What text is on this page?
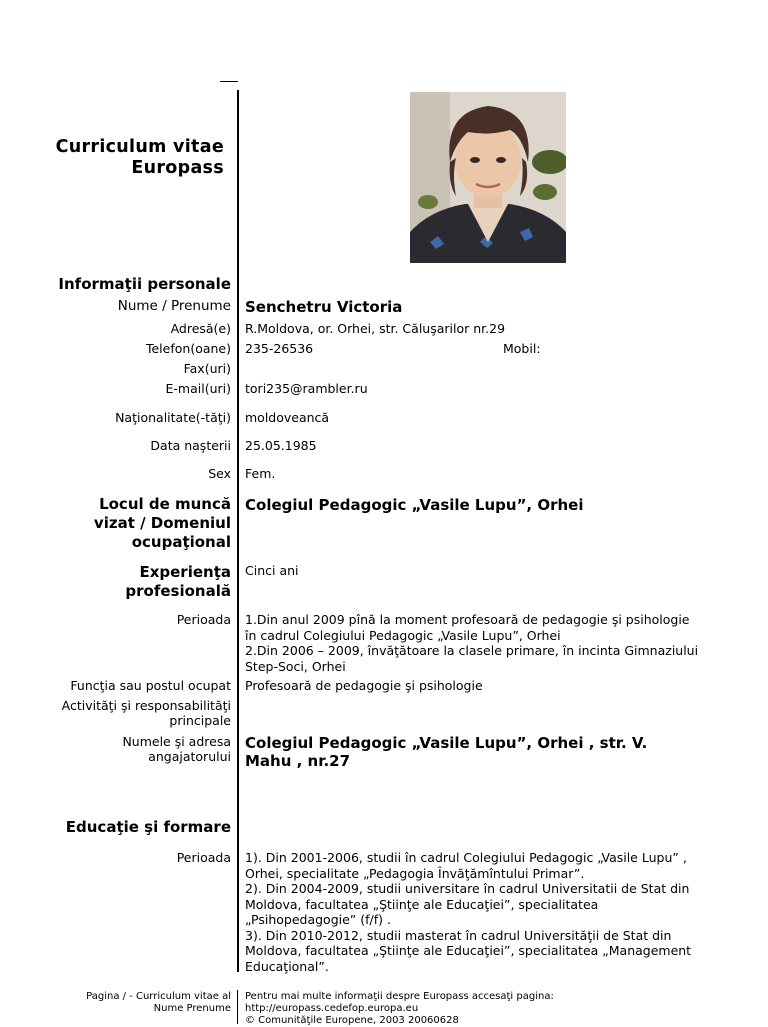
Curriculum vitae
Europass
Informaţii personale
Nume / Prenume Senchetru Victoria
Adresă(e) R.Moldova, or. Orhei, str. Căluşarilor nr.29
Telefon(oane) 235-26536	Mobil:
Fax(uri)
E-mail(uri) tori235@rambler.ru
Naţionalitate(-tăţi) moldoveancă
Data naşterii 25.05.1985
Sex Fem.
Locul de muncă
vizat / Domeniul
ocupaţional
Colegiul Pedagogic „Vasile Lupu”, Orhei
Experienţa
profesională
Cinci ani
Perioada 1.Din anul 2009 pînă la moment profesoară de pedagogie şi psihologie
în cadrul Colegiului Pedagogic „Vasile Lupu”, Orhei
2.Din 2006 – 2009, învăţătoare la clasele primare, în incinta Gimnaziului
Step-Soci, Orhei
Funcţia sau postul ocupat Profesoară de pedagogie şi psihologie
Activităţi şi responsabilităţi
principale
Numele şi adresa
angajatorului
Colegiul Pedagogic „Vasile Lupu”, Orhei , str. V.
Mahu , nr.27
Educaţie şi formare
Perioada 1). Din 2001-2006, studii în cadrul Colegiului Pedagogic „Vasile Lupu” ,
Orhei, specialitate „Pedagogia Învăţămîntului Primar”.
2). Din 2004-2009, studii universitare în cadrul Universitatii de Stat din
Moldova, facultatea „Ştiinţe ale Educaţiei”, specialitatea
„Psihopedagogie” (f/f) .
3). Din 2010-2012, studii masterat în cadrul Universităţii de Stat din
Moldova, facultatea „Ştiinţe ale Educaţiei”, specialitatea „Management
Educaţional”.
Pagina / - Curriculum vitae al
Nume Prenume
Pentru mai multe informaţii despre Europass accesaţi pagina:
http://europass.cedefop.europa.eu
© Comunităţile Europene, 2003 20060628
